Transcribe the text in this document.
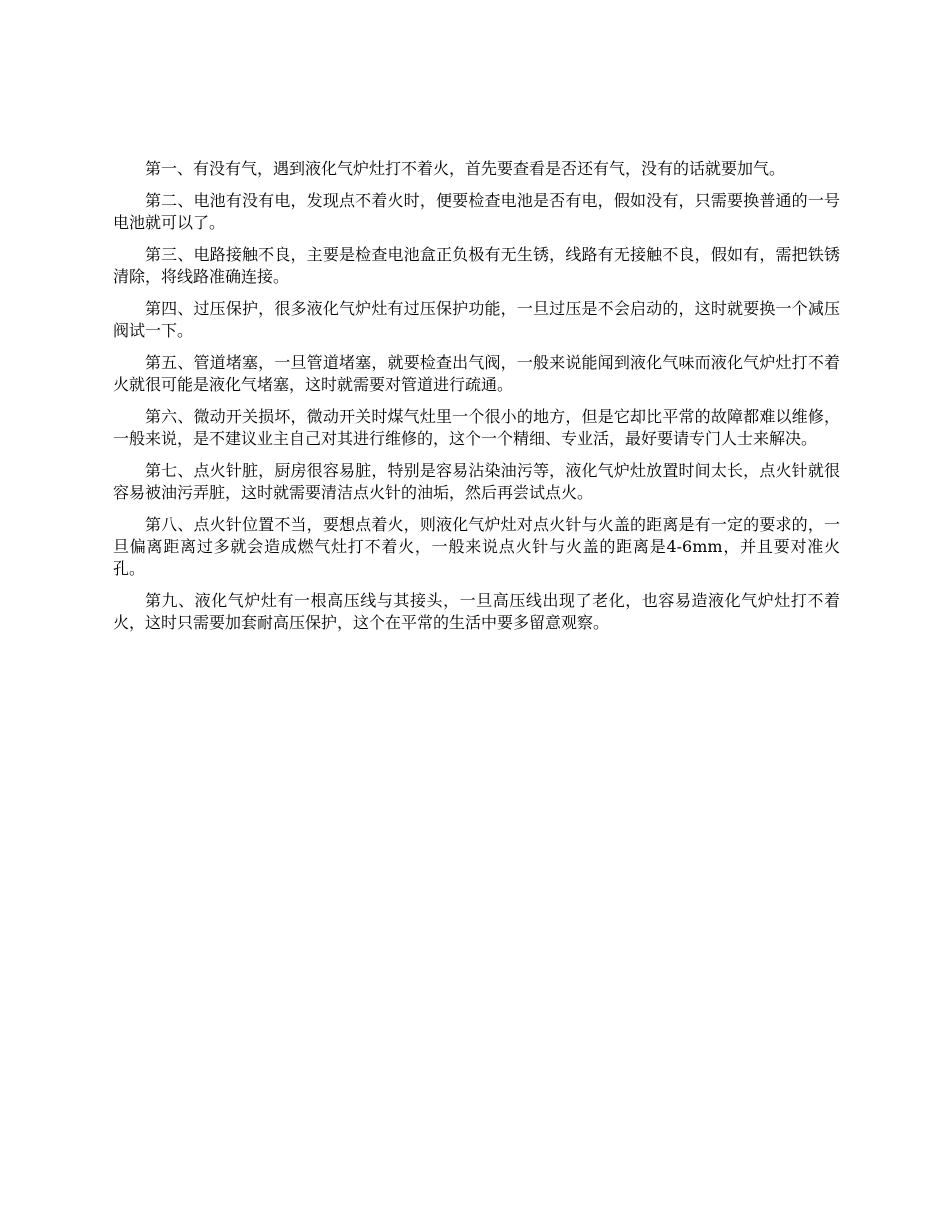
第一、有没有气，遇到液化气炉灶打不着火，首先要查看是否还有气，没有的话就要加气。

第二、电池有没有电，发现点不着火时，便要检查电池是否有电，假如没有，只需要换普通的一号电池就可以了。

第三、电路接触不良，主要是检查电池盒正负极有无生锈，线路有无接触不良，假如有，需把铁锈清除，将线路准确连接。

第四、过压保护，很多液化气炉灶有过压保护功能，一旦过压是不会启动的，这时就要换一个减压阀试一下。

第五、管道堵塞，一旦管道堵塞，就要检查出气阀，一般来说能闻到液化气味而液化气炉灶打不着火就很可能是液化气堵塞，这时就需要对管道进行疏通。

第六、微动开关损坏，微动开关时煤气灶里一个很小的地方，但是它却比平常的故障都难以维修，一般来说，是不建议业主自己对其进行维修的，这个一个精细、专业活，最好要请专门人士来解决。

第七、点火针脏，厨房很容易脏，特别是容易沾染油污等，液化气炉灶放置时间太长，点火针就很容易被油污弄脏，这时就需要清洁点火针的油垢，然后再尝试点火。

第八、点火针位置不当，要想点着火，则液化气炉灶对点火针与火盖的距离是有一定的要求的，一旦偏离距离过多就会造成燃气灶打不着火，一般来说点火针与火盖的距离是4-6mm，并且要对准火孔。

第九、液化气炉灶有一根高压线与其接头，一旦高压线出现了老化，也容易造液化气炉灶打不着火，这时只需要加套耐高压保护，这个在平常的生活中要多留意观察。
